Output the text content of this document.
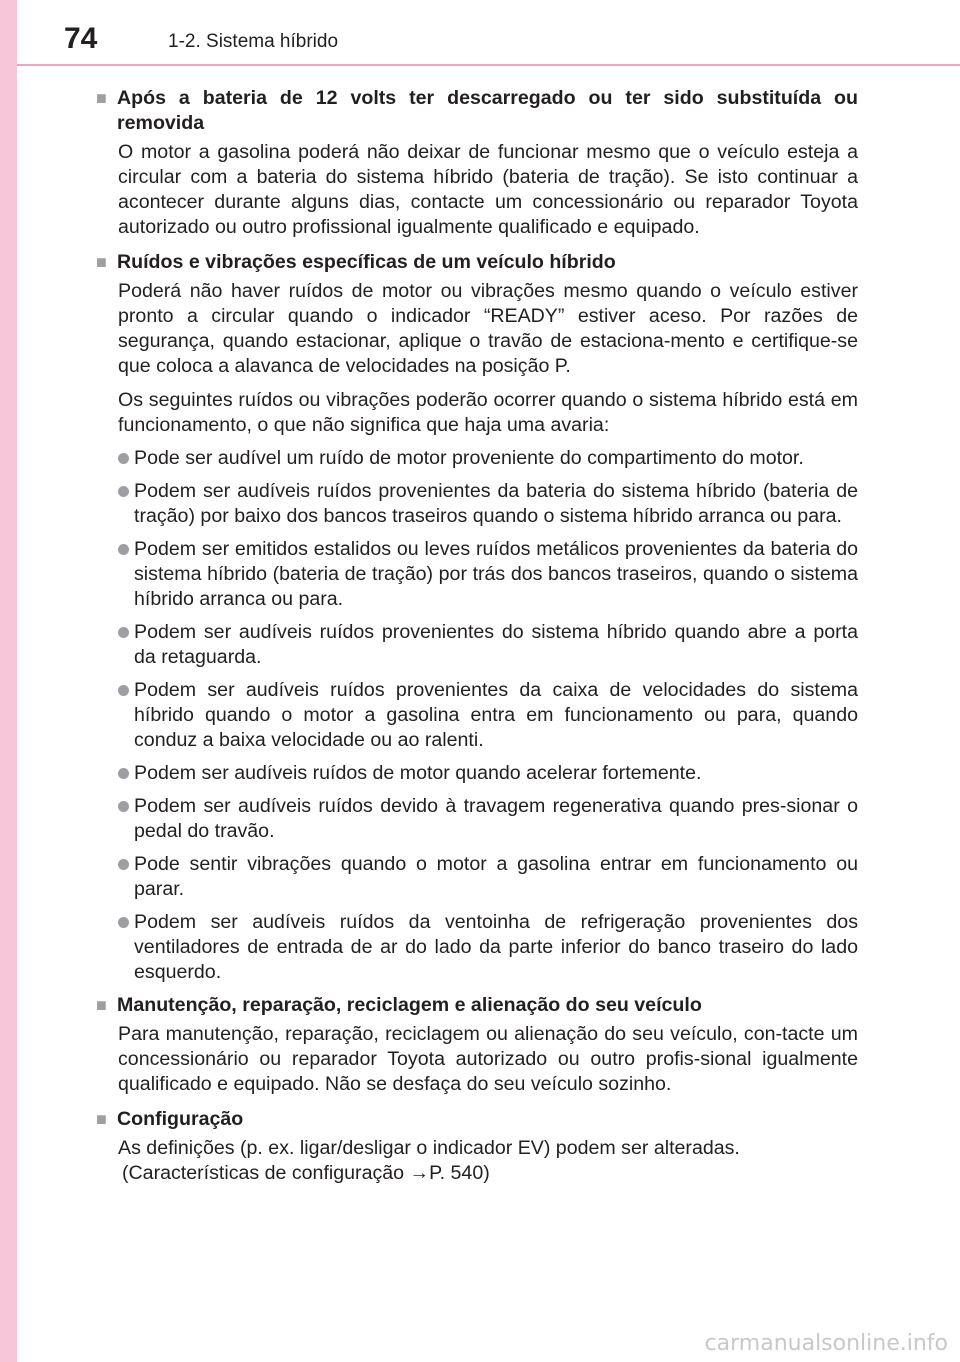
74	1-2. Sistema híbrido
■ Após a bateria de 12 volts ter descarregado ou ter sido substituída ou removida
O motor a gasolina poderá não deixar de funcionar mesmo que o veículo esteja a circular com a bateria do sistema híbrido (bateria de tração). Se isto continuar a acontecer durante alguns dias, contacte um concessionário ou reparador Toyota autorizado ou outro profissional igualmente qualificado e equipado.
■ Ruídos e vibrações específicas de um veículo híbrido
Poderá não haver ruídos de motor ou vibrações mesmo quando o veículo estiver pronto a circular quando o indicador “READY” estiver aceso. Por razões de segurança, quando estacionar, aplique o travão de estaciona-mento e certifique-se que coloca a alavanca de velocidades na posição P.
Os seguintes ruídos ou vibrações poderão ocorrer quando o sistema híbrido está em funcionamento, o que não significa que haja uma avaria:
Pode ser audível um ruído de motor proveniente do compartimento do motor.
Podem ser audíveis ruídos provenientes da bateria do sistema híbrido (bateria de tração) por baixo dos bancos traseiros quando o sistema híbrido arranca ou para.
Podem ser emitidos estalidos ou leves ruídos metálicos provenientes da bateria do sistema híbrido (bateria de tração) por trás dos bancos traseiros, quando o sistema híbrido arranca ou para.
Podem ser audíveis ruídos provenientes do sistema híbrido quando abre a porta da retaguarda.
Podem ser audíveis ruídos provenientes da caixa de velocidades do sistema híbrido quando o motor a gasolina entra em funcionamento ou para, quando conduz a baixa velocidade ou ao ralenti.
Podem ser audíveis ruídos de motor quando acelerar fortemente.
Podem ser audíveis ruídos devido à travagem regenerativa quando pres-sionar o pedal do travão.
Pode sentir vibrações quando o motor a gasolina entrar em funcionamento ou parar.
Podem ser audíveis ruídos da ventoinha de refrigeração provenientes dos ventiladores de entrada de ar do lado da parte inferior do banco traseiro do lado esquerdo.
■ Manutenção, reparação, reciclagem e alienação do seu veículo
Para manutenção, reparação, reciclagem ou alienação do seu veículo, con-tacte um concessionário ou reparador Toyota autorizado ou outro profis-sional igualmente qualificado e equipado. Não se desfaça do seu veículo sozinho.
■ Configuração
As definições (p. ex. ligar/desligar o indicador EV) podem ser alteradas.
(Características de configuração →P. 540)
carmanualsonline.info
